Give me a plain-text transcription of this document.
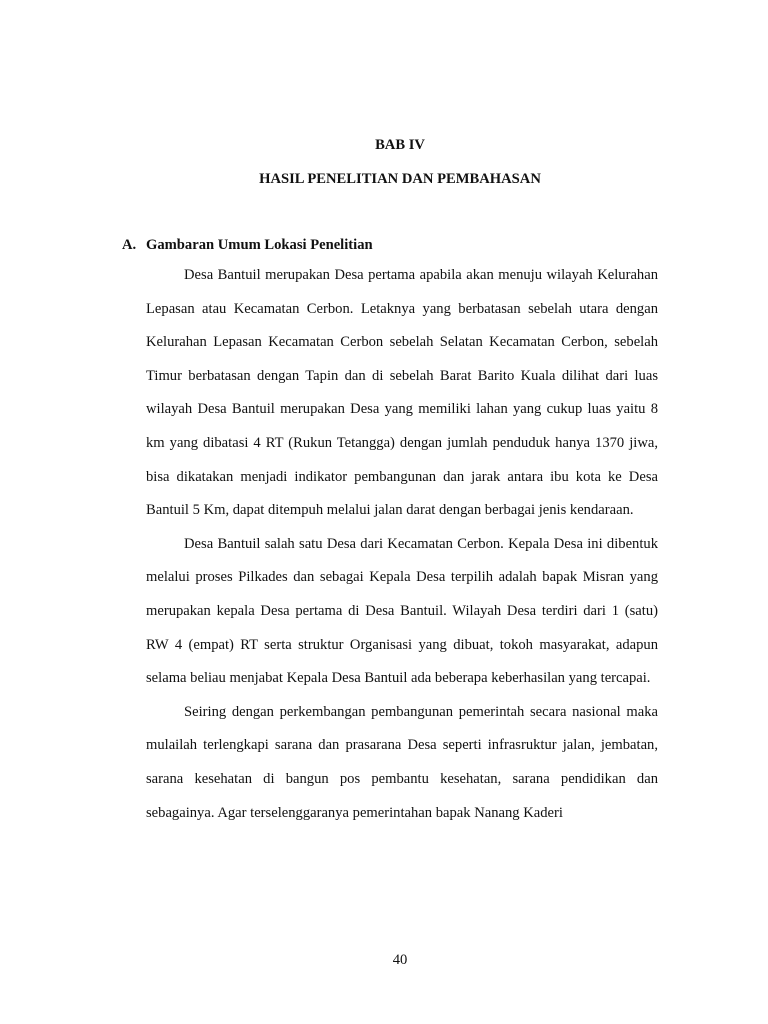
BAB IV
HASIL PENELITIAN DAN PEMBAHASAN
A. Gambaran Umum Lokasi Penelitian

Desa Bantuil merupakan Desa pertama apabila akan menuju wilayah Kelurahan Lepasan atau Kecamatan Cerbon. Letaknya yang berbatasan sebelah utara dengan Kelurahan Lepasan Kecamatan Cerbon sebelah Selatan Kecamatan Cerbon, sebelah Timur berbatasan dengan Tapin dan di sebelah Barat Barito Kuala dilihat dari luas wilayah Desa Bantuil merupakan Desa yang memiliki lahan yang cukup luas yaitu 8 km yang dibatasi 4 RT (Rukun Tetangga) dengan jumlah penduduk hanya 1370 jiwa, bisa dikatakan menjadi indikator pembangunan dan jarak antara ibu kota ke Desa Bantuil 5 Km, dapat ditempuh melalui jalan darat dengan berbagai jenis kendaraan.

Desa Bantuil salah satu Desa dari Kecamatan Cerbon. Kepala Desa ini dibentuk melalui proses Pilkades dan sebagai Kepala Desa terpilih adalah bapak Misran yang merupakan kepala Desa pertama di Desa Bantuil. Wilayah Desa terdiri dari 1 (satu) RW 4 (empat) RT serta struktur Organisasi yang dibuat, tokoh masyarakat, adapun selama beliau menjabat Kepala Desa Bantuil ada beberapa keberhasilan yang tercapai.

Seiring dengan perkembangan pembangunan pemerintah secara nasional maka mulailah terlengkapi sarana dan prasarana Desa seperti infrasruktur jalan, jembatan, sarana kesehatan di bangun pos pembantu kesehatan, sarana pendidikan dan sebagainya. Agar terselenggaranya pemerintahan bapak Nanang Kaderi

40
